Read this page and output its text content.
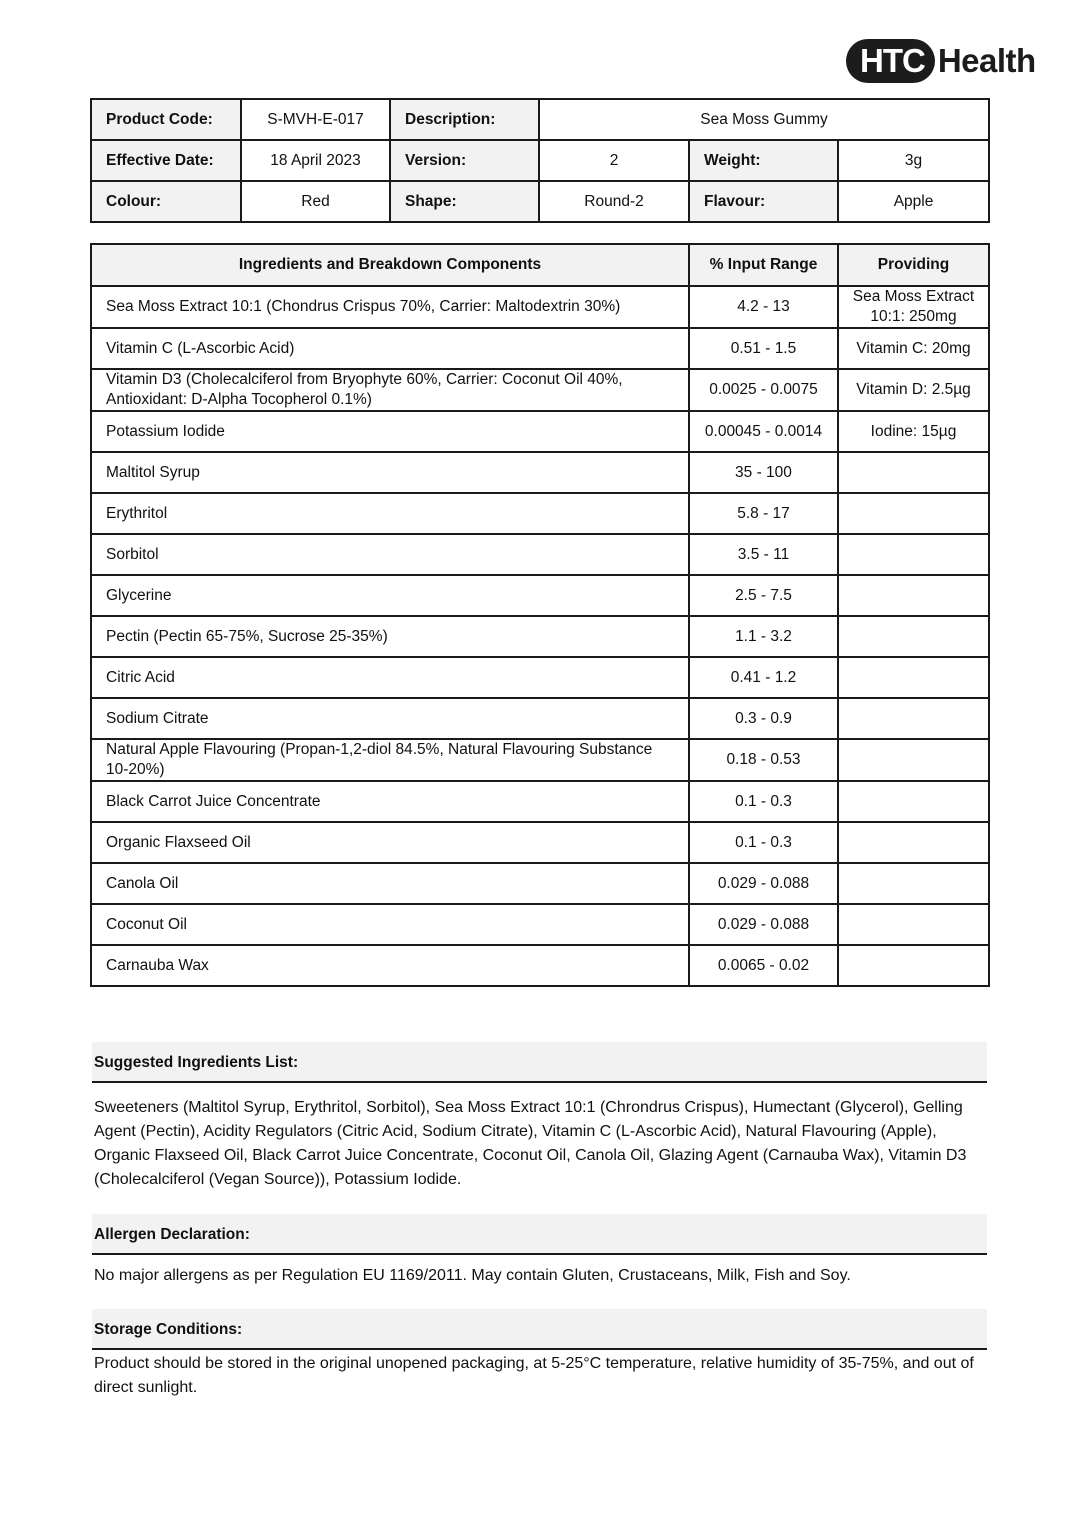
HTC Health
Product Code:	S-MVH-E-017	Description:	Sea Moss Gummy		
Effective Date:	18 April 2023	Version:	2	Weight:	3g
Colour:	Red	Shape:	Round-2	Flavour:	Apple
Ingredients and Breakdown Components	% Input Range	Providing
Sea Moss Extract 10:1 (Chondrus Crispus 70%, Carrier: Maltodextrin 30%)	4.2 - 13	Sea Moss Extract 10:1: 250mg
Vitamin C (L-Ascorbic Acid)	0.51 - 1.5	Vitamin C: 20mg
Vitamin D3 (Cholecalciferol from Bryophyte 60%, Carrier: Coconut Oil 40%, Antioxidant: D-Alpha Tocopherol 0.1%)	0.0025 - 0.0075	Vitamin D: 2.5µg
Potassium Iodide	0.00045 - 0.0014	Iodine: 15µg
Maltitol Syrup	35 - 100	
Erythritol	5.8 - 17	
Sorbitol	3.5 - 11	
Glycerine	2.5 - 7.5	
Pectin (Pectin 65-75%, Sucrose 25-35%)	1.1 - 3.2	
Citric Acid	0.41 - 1.2	
Sodium Citrate	0.3 - 0.9	
Natural Apple Flavouring (Propan-1,2-diol 84.5%, Natural Flavouring Substance 10-20%)	0.18 - 0.53	
Black Carrot Juice Concentrate	0.1 - 0.3	
Organic Flaxseed Oil	0.1 - 0.3	
Canola Oil	0.029 - 0.088	
Coconut Oil	0.029 - 0.088	
Carnauba Wax	0.0065 - 0.02	
Suggested Ingredients List:
Sweeteners (Maltitol Syrup, Erythritol, Sorbitol), Sea Moss Extract 10:1 (Chrondrus Crispus), Humectant (Glycerol), Gelling Agent (Pectin), Acidity Regulators (Citric Acid, Sodium Citrate), Vitamin C (L-Ascorbic Acid), Natural Flavouring (Apple), Organic Flaxseed Oil, Black Carrot Juice Concentrate, Coconut Oil, Canola Oil, Glazing Agent (Carnauba Wax), Vitamin D3 (Cholecalciferol (Vegan Source)), Potassium Iodide.
Allergen Declaration:
No major allergens as per Regulation EU 1169/2011. May contain Gluten, Crustaceans, Milk, Fish and Soy.
Storage Conditions:
Product should be stored in the original unopened packaging, at 5-25°C temperature, relative humidity of 35-75%, and out of direct sunlight.
